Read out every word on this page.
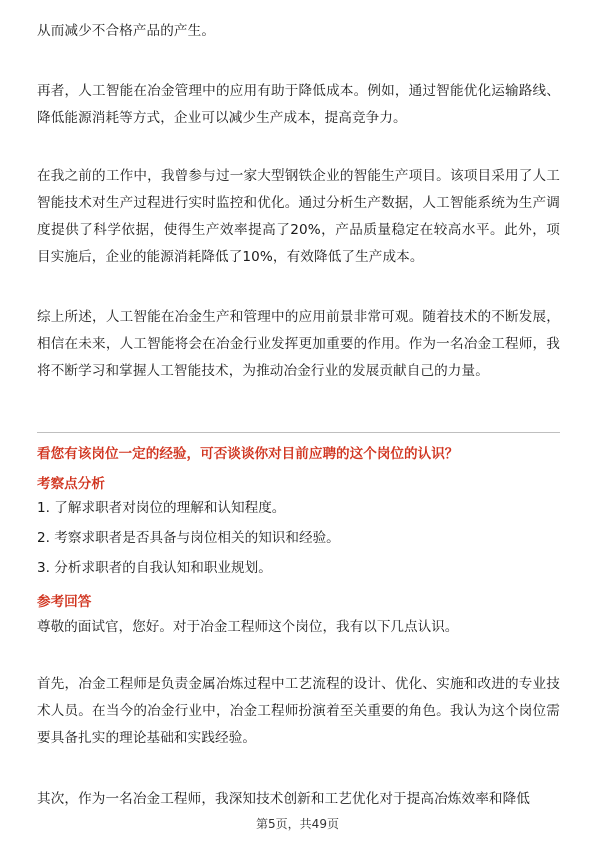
从而减少不合格产品的产生。

再者，人工智能在冶金管理中的应用有助于降低成本。例如，通过智能优化运输路线、降低能源消耗等方式，企业可以减少生产成本，提高竞争力。

在我之前的工作中，我曾参与过一家大型钢铁企业的智能生产项目。该项目采用了人工智能技术对生产过程进行实时监控和优化。通过分析生产数据，人工智能系统为生产调度提供了科学依据，使得生产效率提高了20%，产品质量稳定在较高水平。此外，项目实施后，企业的能源消耗降低了10%，有效降低了生产成本。

综上所述，人工智能在冶金生产和管理中的应用前景非常可观。随着技术的不断发展，相信在未来，人工智能将会在冶金行业发挥更加重要的作用。作为一名冶金工程师，我将不断学习和掌握人工智能技术，为推动冶金行业的发展贡献自己的力量。

看您有该岗位一定的经验，可否谈谈你对目前应聘的这个岗位的认识？
考察点分析
1. 了解求职者对岗位的理解和认知程度。
2. 考察求职者是否具备与岗位相关的知识和经验。
3. 分析求职者的自我认知和职业规划。
参考回答
尊敬的面试官，您好。对于冶金工程师这个岗位，我有以下几点认识。

首先，冶金工程师是负责金属冶炼过程中工艺流程的设计、优化、实施和改进的专业技术人员。在当今的冶金行业中，冶金工程师扮演着至关重要的角色。我认为这个岗位需要具备扎实的理论基础和实践经验。

其次，作为一名冶金工程师，我深知技术创新和工艺优化对于提高冶炼效率和降低

第5页，共49页
